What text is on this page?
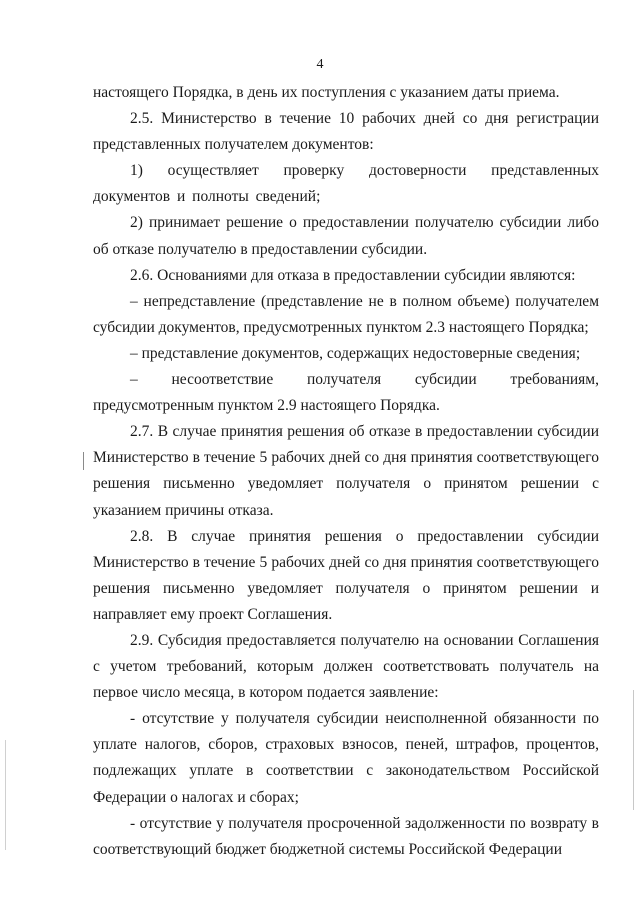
4

настоящего Порядка, в день их поступления с указанием даты приема.

2.5. Министерство в течение 10 рабочих дней со дня регистрации представленных получателем документов:

1) осуществляет проверку достоверности представленных документов и полноты сведений;

2) принимает решение о предоставлении получателю субсидии либо об отказе получателю в предоставлении субсидии.

2.6. Основаниями для отказа в предоставлении субсидии являются:

– непредставление (представление не в полном объеме) получателем субсидии документов, предусмотренных пунктом 2.3 настоящего Порядка;

– представление документов, содержащих недостоверные сведения;

– несоответствие получателя субсидии требованиям, предусмотренным пунктом 2.9 настоящего Порядка.

2.7. В случае принятия решения об отказе в предоставлении субсидии Министерство в течение 5 рабочих дней со дня принятия соответствующего решения письменно уведомляет получателя о принятом решении с указанием причины отказа.

2.8. В случае принятия решения о предоставлении субсидии Министерство в течение 5 рабочих дней со дня принятия соответствующего решения письменно уведомляет получателя о принятом решении и направляет ему проект Соглашения.

2.9. Субсидия предоставляется получателю на основании Соглашения с учетом требований, которым должен соответствовать получатель на первое число месяца, в котором подается заявление:

- отсутствие у получателя субсидии неисполненной обязанности по уплате налогов, сборов, страховых взносов, пеней, штрафов, процентов, подлежащих уплате в соответствии с законодательством Российской Федерации о налогах и сборах;

- отсутствие у получателя просроченной задолженности по возврату в соответствующий бюджет бюджетной системы Российской Федерации
